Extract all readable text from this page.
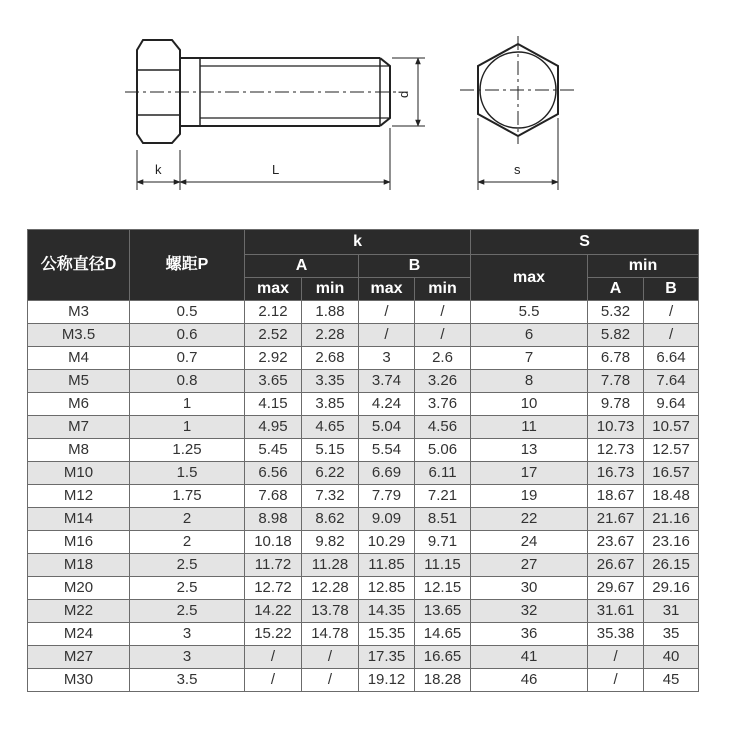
k	L
d
s
公称直径D	螺距P	k				S		
		A		B		max	min	
		max	min	max	min		A	B
M3	0.5	2.12	1.88	/	/	5.5	5.32	/
M3.5	0.6	2.52	2.28	/	/	6	5.82	/
M4	0.7	2.92	2.68	3	2.6	7	6.78	6.64
M5	0.8	3.65	3.35	3.74	3.26	8	7.78	7.64
M6	1	4.15	3.85	4.24	3.76	10	9.78	9.64
M7	1	4.95	4.65	5.04	4.56	11	10.73	10.57
M8	1.25	5.45	5.15	5.54	5.06	13	12.73	12.57
M10	1.5	6.56	6.22	6.69	6.11	17	16.73	16.57
M12	1.75	7.68	7.32	7.79	7.21	19	18.67	18.48
M14	2	8.98	8.62	9.09	8.51	22	21.67	21.16
M16	2	10.18	9.82	10.29	9.71	24	23.67	23.16
M18	2.5	11.72	11.28	11.85	11.15	27	26.67	26.15
M20	2.5	12.72	12.28	12.85	12.15	30	29.67	29.16
M22	2.5	14.22	13.78	14.35	13.65	32	31.61	31
M24	3	15.22	14.78	15.35	14.65	36	35.38	35
M27	3	/	/	17.35	16.65	41	/	40
M30	3.5	/	/	19.12	18.28	46	/	45
